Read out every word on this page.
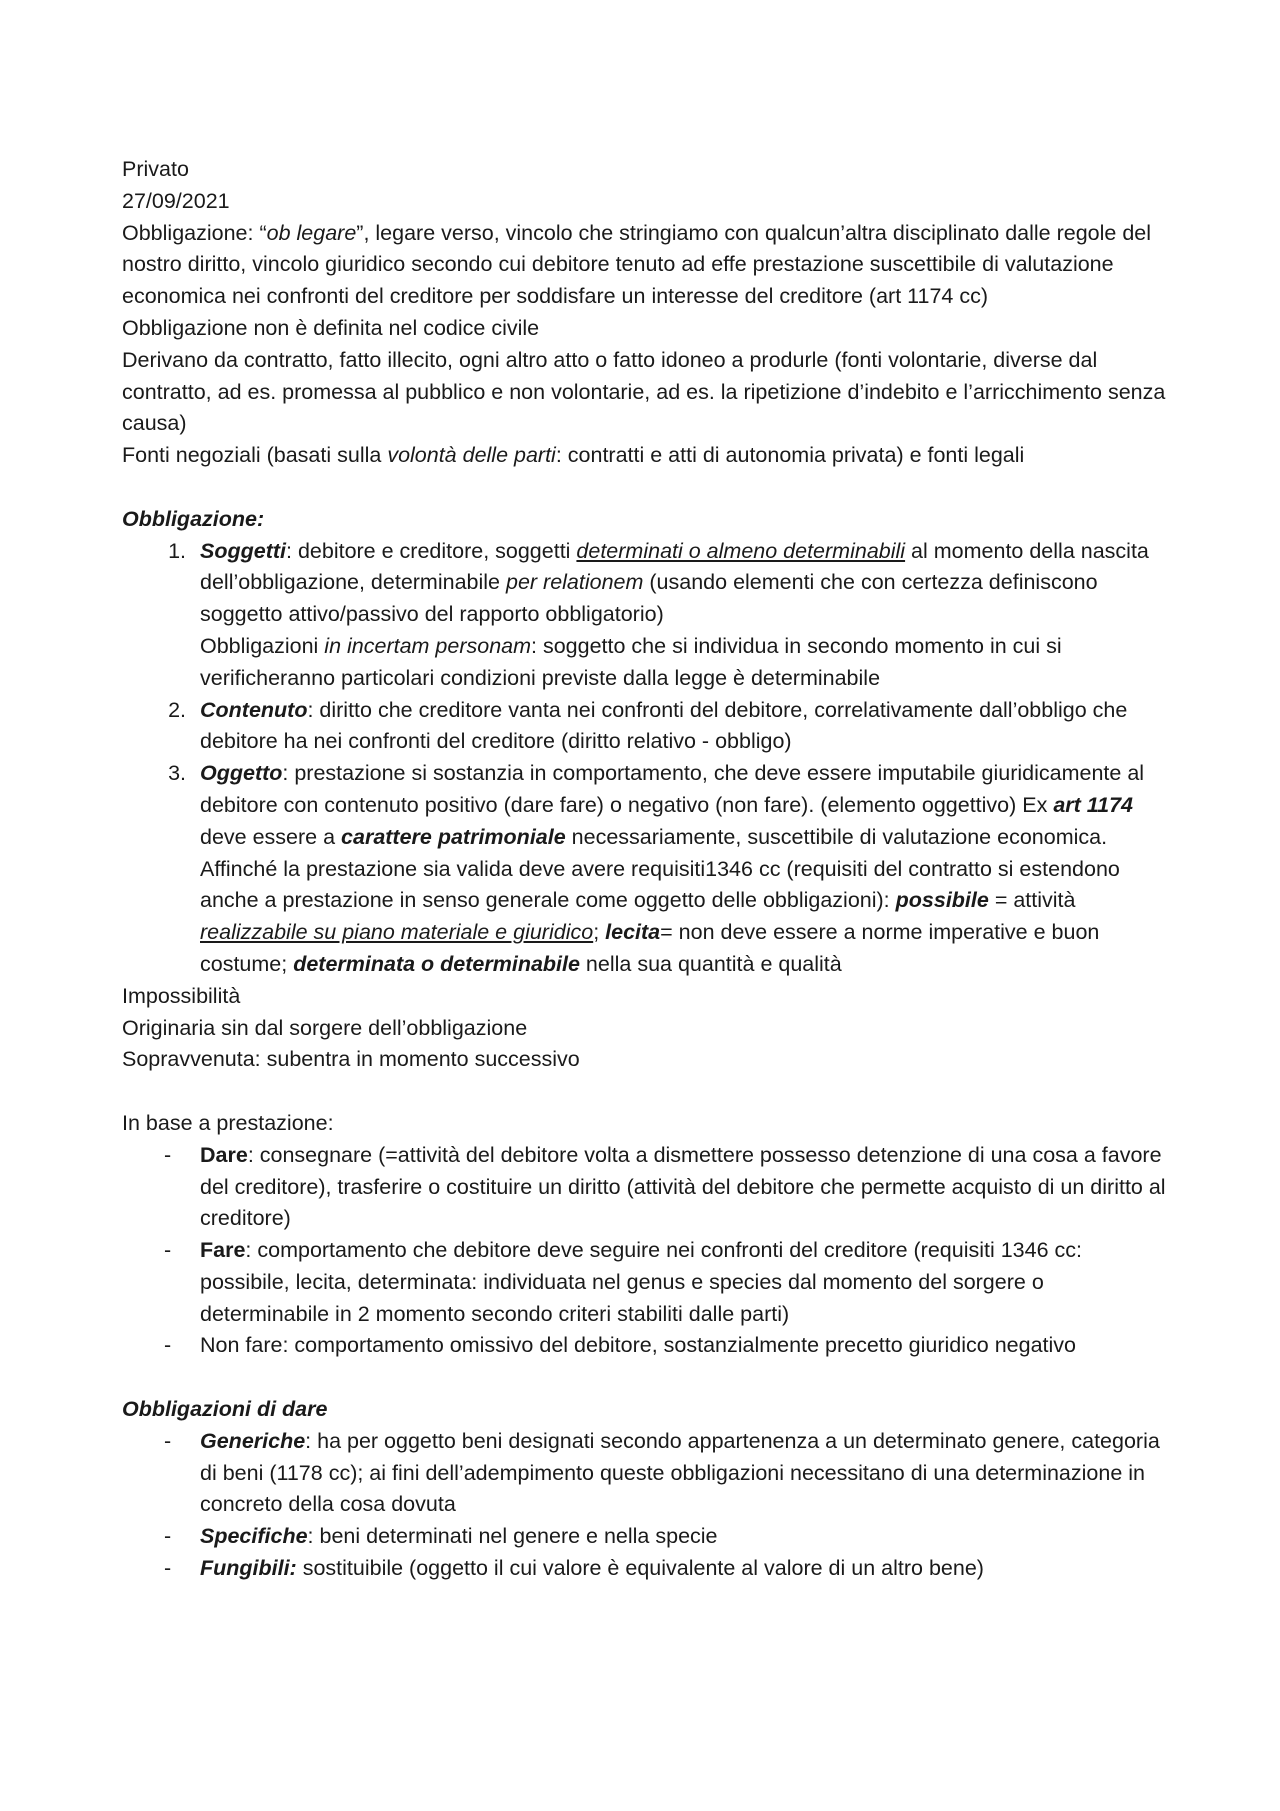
Privato

27/09/2021

Obbligazione: “ob legare”, legare verso, vincolo che stringiamo con qualcun’altra disciplinato dalle regole del nostro diritto, vincolo giuridico secondo cui debitore tenuto ad effe prestazione suscettibile di valutazione economica nei confronti del creditore per soddisfare un interesse del creditore (art 1174 cc)

Obbligazione non è definita nel codice civile

Derivano da contratto, fatto illecito, ogni altro atto o fatto idoneo a produrle (fonti volontarie, diverse dal contratto, ad es. promessa al pubblico e non volontarie, ad es. la ripetizione d’indebito e l’arricchimento senza causa)

Fonti negoziali (basati sulla volontà delle parti: contratti e atti di autonomia privata) e fonti legali

Obbligazione:

1. Soggetti: debitore e creditore, soggetti determinati o almeno determinabili al momento della nascita dell’obbligazione, determinabile per relationem (usando elementi che con certezza definiscono soggetto attivo/passivo del rapporto obbligatorio)
Obbligazioni in incertam personam: soggetto che si individua in secondo momento in cui si verificheranno particolari condizioni previste dalla legge è determinabile
2. Contenuto: diritto che creditore vanta nei confronti del debitore, correlativamente dall’obbligo che debitore ha nei confronti del creditore (diritto relativo - obbligo)
3. Oggetto: prestazione si sostanzia in comportamento, che deve essere imputabile giuridicamente al debitore con contenuto positivo (dare fare) o negativo (non fare). (elemento oggettivo) Ex art 1174 deve essere a carattere patrimoniale necessariamente, suscettibile di valutazione economica. Affinché la prestazione sia valida deve avere requisiti1346 cc (requisiti del contratto si estendono anche a prestazione in senso generale come oggetto delle obbligazioni): possibile = attività realizzabile su piano materiale e giuridico; lecita= non deve essere a norme imperative e buon costume; determinata o determinabile nella sua quantità e qualità

Impossibilità

Originaria sin dal sorgere dell’obbligazione

Sopravvenuta: subentra in momento successivo

In base a prestazione:

- Dare: consegnare (=attività del debitore volta a dismettere possesso detenzione di una cosa a favore del creditore), trasferire o costituire un diritto (attività del debitore che permette acquisto di un diritto al creditore)
- Fare: comportamento che debitore deve seguire nei confronti del creditore (requisiti 1346 cc: possibile, lecita, determinata: individuata nel genus e species dal momento del sorgere o determinabile in 2 momento secondo criteri stabiliti dalle parti)
- Non fare: comportamento omissivo del debitore, sostanzialmente precetto giuridico negativo

Obbligazioni di dare

- Generiche: ha per oggetto beni designati secondo appartenenza a un determinato genere, categoria di beni (1178 cc); ai fini dell’adempimento queste obbligazioni necessitano di una determinazione in concreto della cosa dovuta
- Specifiche: beni determinati nel genere e nella specie
- Fungibili: sostituibile (oggetto il cui valore è equivalente al valore di un altro bene)
